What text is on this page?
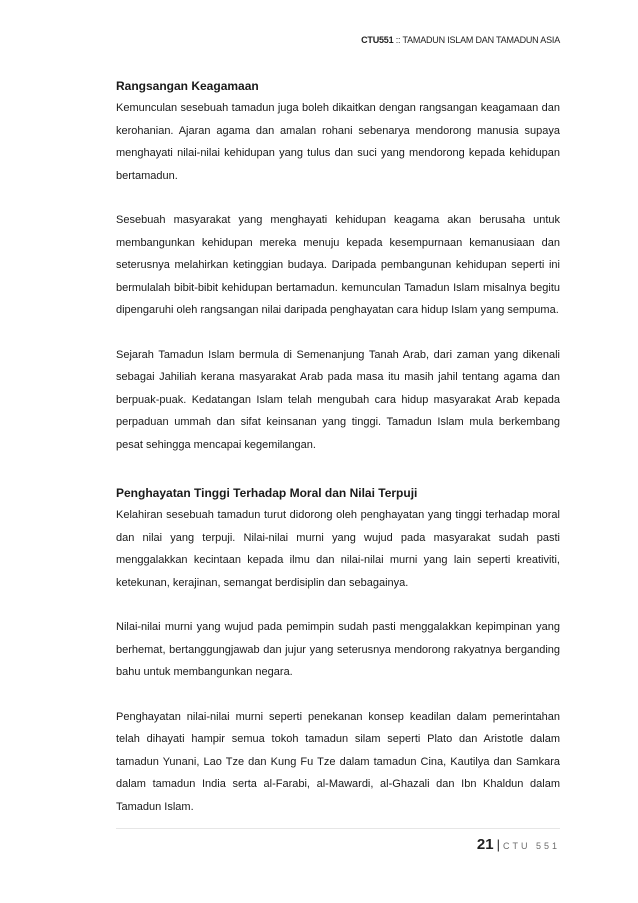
CTU551 :: TAMADUN ISLAM DAN TAMADUN ASIA

Rangsangan Keagamaan

Kemunculan sesebuah tamadun juga boleh dikaitkan dengan rangsangan keagamaan dan kerohanian. Ajaran agama dan amalan rohani sebenarya mendorong manusia supaya menghayati nilai-nilai kehidupan yang tulus dan suci yang mendorong kepada kehidupan bertamadun.

Sesebuah masyarakat yang menghayati kehidupan keagama akan berusaha untuk membangunkan kehidupan mereka menuju kepada kesempurnaan kemanusiaan dan seterusnya melahirkan ketinggian budaya. Daripada pembangunan kehidupan seperti ini bermulalah bibit-bibit kehidupan bertamadun. kemunculan Tamadun Islam misalnya begitu dipengaruhi oleh rangsangan nilai daripada penghayatan cara hidup Islam yang sempuma.

Sejarah Tamadun Islam bermula di Semenanjung Tanah Arab, dari zaman yang dikenali sebagai Jahiliah kerana masyarakat Arab pada masa itu masih jahil tentang agama dan berpuak-puak. Kedatangan Islam telah mengubah cara hidup masyarakat Arab kepada perpaduan ummah dan sifat keinsanan yang tinggi. Tamadun Islam mula berkembang pesat sehingga mencapai kegemilangan.

Penghayatan Tinggi Terhadap Moral dan Nilai Terpuji

Kelahiran sesebuah tamadun turut didorong oleh penghayatan yang tinggi terhadap moral dan nilai yang terpuji. Nilai-nilai murni yang wujud pada masyarakat sudah pasti menggalakkan kecintaan kepada ilmu dan nilai-nilai murni yang lain seperti kreativiti, ketekunan, kerajinan, semangat berdisiplin dan sebagainya.

Nilai-nilai murni yang wujud pada pemimpin sudah pasti menggalakkan kepimpinan yang berhemat, bertanggungjawab dan jujur yang seterusnya mendorong rakyatnya berganding bahu untuk membangunkan negara.

Penghayatan nilai-nilai murni seperti penekanan konsep keadilan dalam pemerintahan telah dihayati hampir semua tokoh tamadun silam seperti Plato dan Aristotle dalam tamadun Yunani, Lao Tze dan Kung Fu Tze dalam tamadun Cina, Kautilya dan Samkara dalam tamadun India serta al-Farabi, al-Mawardi, al-Ghazali dan Ibn Khaldun dalam Tamadun Islam.

21 | CTU 551
